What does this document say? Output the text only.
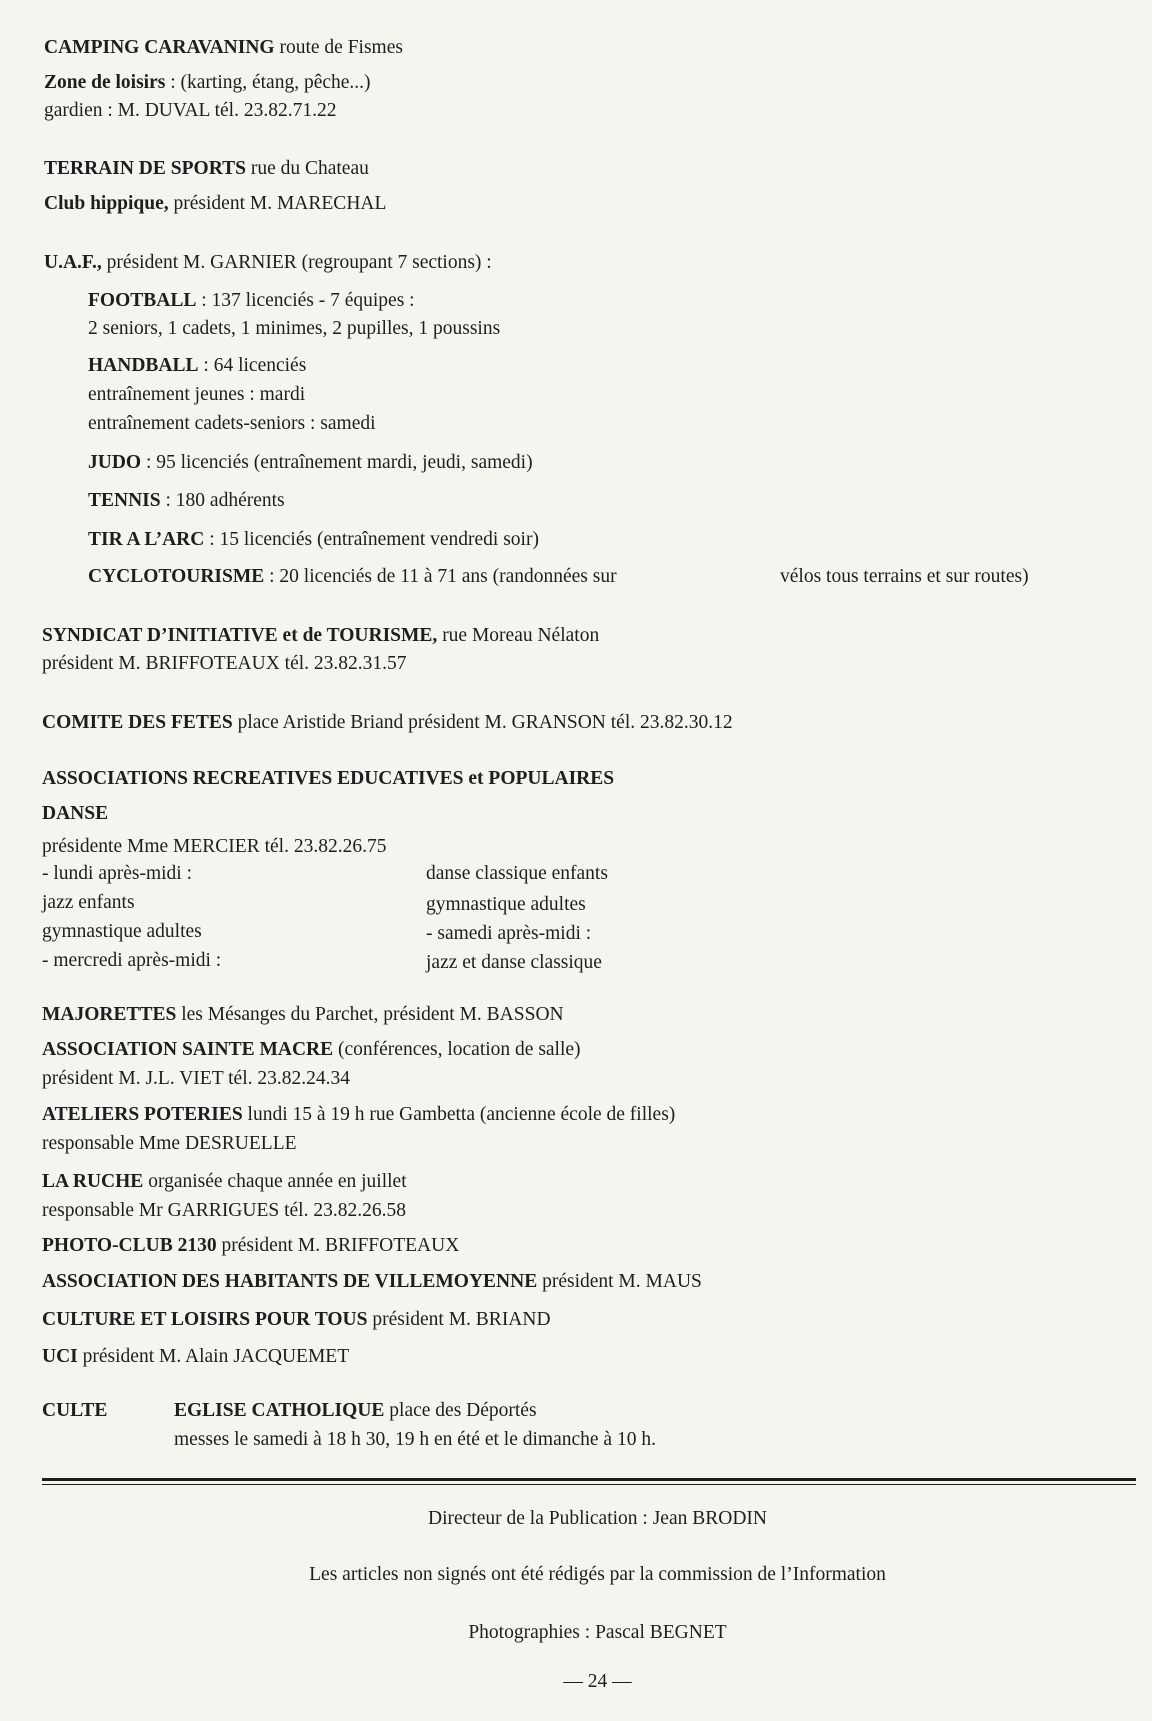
CAMPING CARAVANING route de Fismes
Zone de loisirs : (karting, étang, pêche...)
gardien : M. DUVAL tél. 23.82.71.22
TERRAIN DE SPORTS rue du Chateau
Club hippique, président M. MARECHAL
U.A.F., président M. GARNIER (regroupant 7 sections) :
FOOTBALL : 137 licenciés - 7 équipes :
2 seniors, 1 cadets, 1 minimes, 2 pupilles, 1 poussins
HANDBALL : 64 licenciés
entraînement jeunes : mardi
entraînement cadets-seniors : samedi
JUDO : 95 licenciés (entraînement mardi, jeudi, samedi)
TENNIS : 180 adhérents
TIR A L’ARC : 15 licenciés (entraînement vendredi soir)
CYCLOTOURISME : 20 licenciés de 11 à 71 ans (randonnées sur	vélos tous terrains et sur routes)
SYNDICAT D’INITIATIVE et de TOURISME, rue Moreau Nélaton
président M. BRIFFOTEAUX tél. 23.82.31.57
COMITE DES FETES place Aristide Briand président M. GRANSON tél. 23.82.30.12
ASSOCIATIONS RECREATIVES EDUCATIVES et POPULAIRES
DANSE
présidente Mme MERCIER tél. 23.82.26.75
- lundi après-midi :
jazz enfants
gymnastique adultes
- mercredi après-midi :
danse classique enfants
gymnastique adultes
- samedi après-midi :
jazz et danse classique
MAJORETTES les Mésanges du Parchet, président M. BASSON
ASSOCIATION SAINTE MACRE (conférences, location de salle)
président M. J.L. VIET tél. 23.82.24.34
ATELIERS POTERIES lundi 15 à 19 h rue Gambetta (ancienne école de filles)
responsable Mme DESRUELLE
LA RUCHE organisée chaque année en juillet
responsable Mr GARRIGUES tél. 23.82.26.58
PHOTO-CLUB 2130 président M. BRIFFOTEAUX
ASSOCIATION DES HABITANTS DE VILLEMOYENNE président M. MAUS
CULTURE ET LOISIRS POUR TOUS président M. BRIAND
UCI président M. Alain JACQUEMET
CULTE	EGLISE CATHOLIQUE place des Déportés
messes le samedi à 18 h 30, 19 h en été et le dimanche à 10 h.
Directeur de la Publication : Jean BRODIN
Les articles non signés ont été rédigés par la commission de l’Information
Photographies : Pascal BEGNET
— 24 —
